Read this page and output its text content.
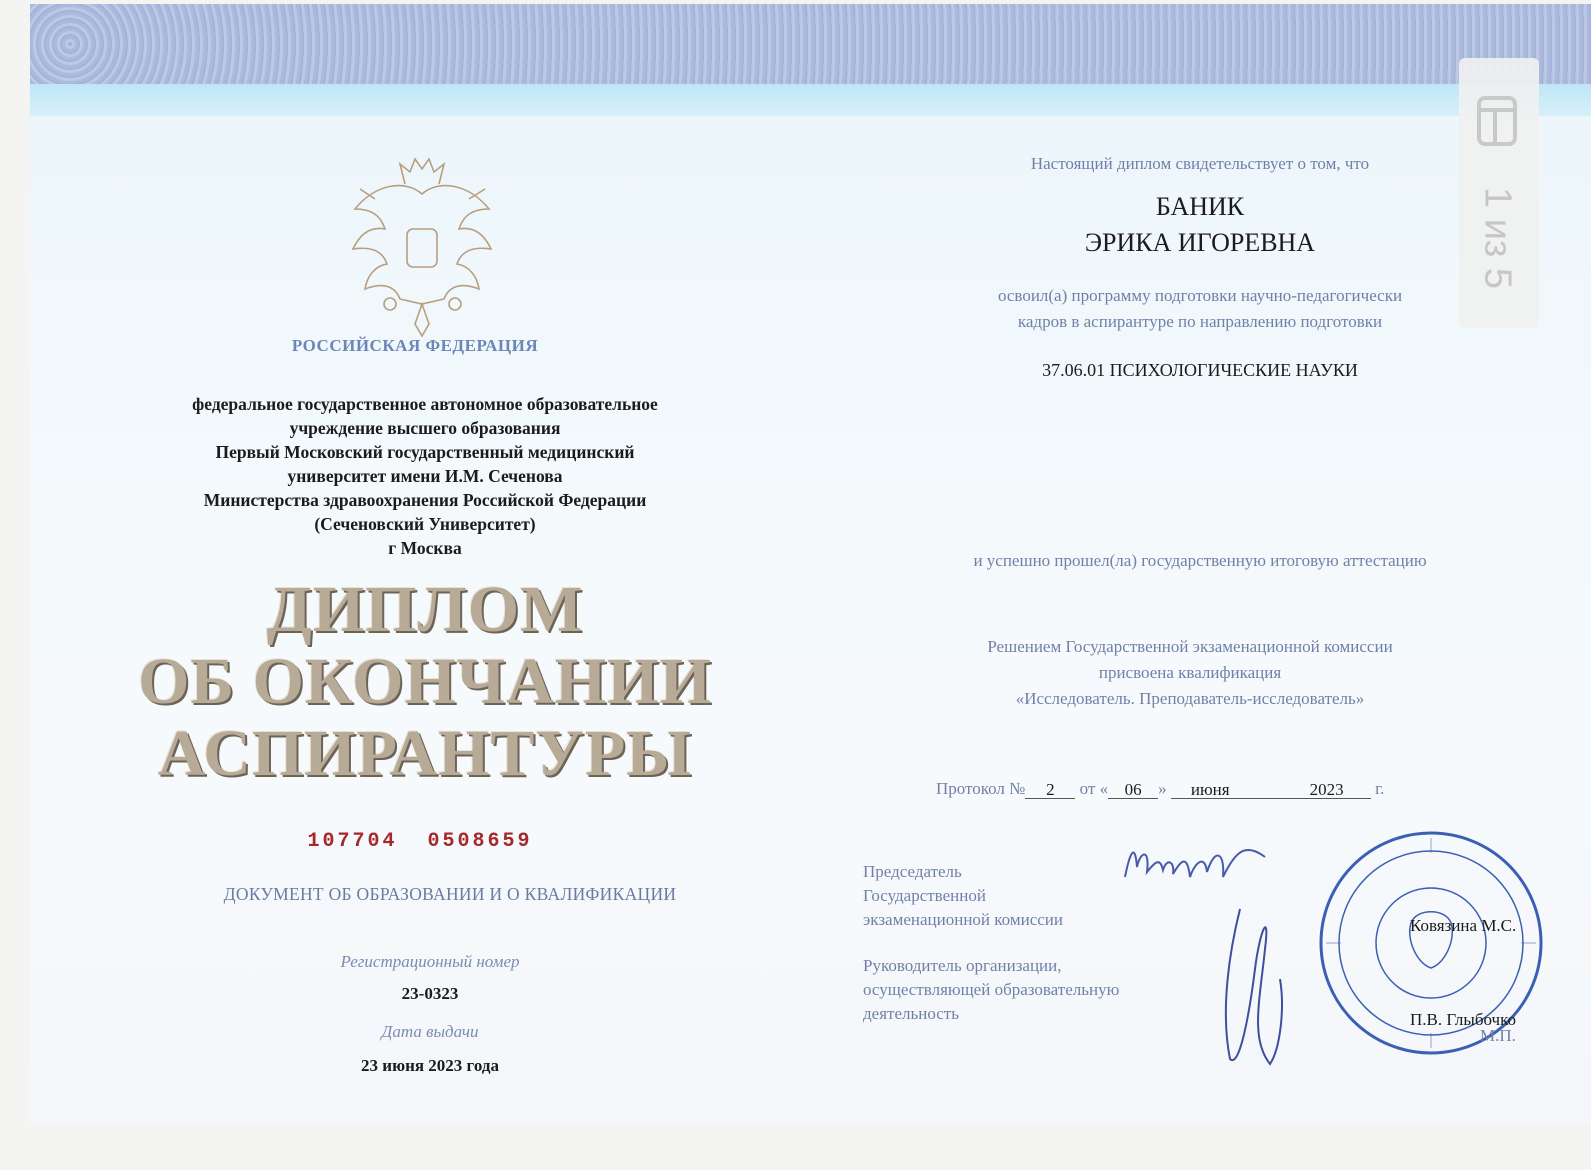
РОССИЙСКАЯ ФЕДЕРАЦИЯ
федеральное государственное автономное образовательное
учреждение высшего образования
Первый Московский государственный медицинский
университет имени И.М. Сеченова
Министерства здравоохранения Российской Федерации
(Сеченовский Университет)
г Москва
ДИПЛОМ
ОБ ОКОНЧАНИИ
АСПИРАНТУРЫ
107704  0508659
ДОКУМЕНТ ОБ ОБРАЗОВАНИИ И О КВАЛИФИКАЦИИ
Регистрационный номер
23-0323
Дата выдачи
23 июня 2023 года
Настоящий диплом свидетельствует о том, что
БАНИК
ЭРИКА ИГОРЕВНА
освоил(а) программу подготовки научно-педагогически
кадров в аспирантуре по направлению подготовки
37.06.01 ПСИХОЛОГИЧЕСКИЕ НАУКИ
и успешно прошел(ла) государственную итоговую аттестацию
Решением Государственной экзаменационной комиссии
присвоена квалификация
«Исследователь. Преподаватель-исследователь»
Протокол № 2 от « 06 » июня	2023 г.
Председатель
Государственной
экзаменационной комиссии
Руководитель организации,
осуществляющей образовательную
деятельность
Ковязина М.С.
П.В. Глыбочко
М.П.
1 из 5
